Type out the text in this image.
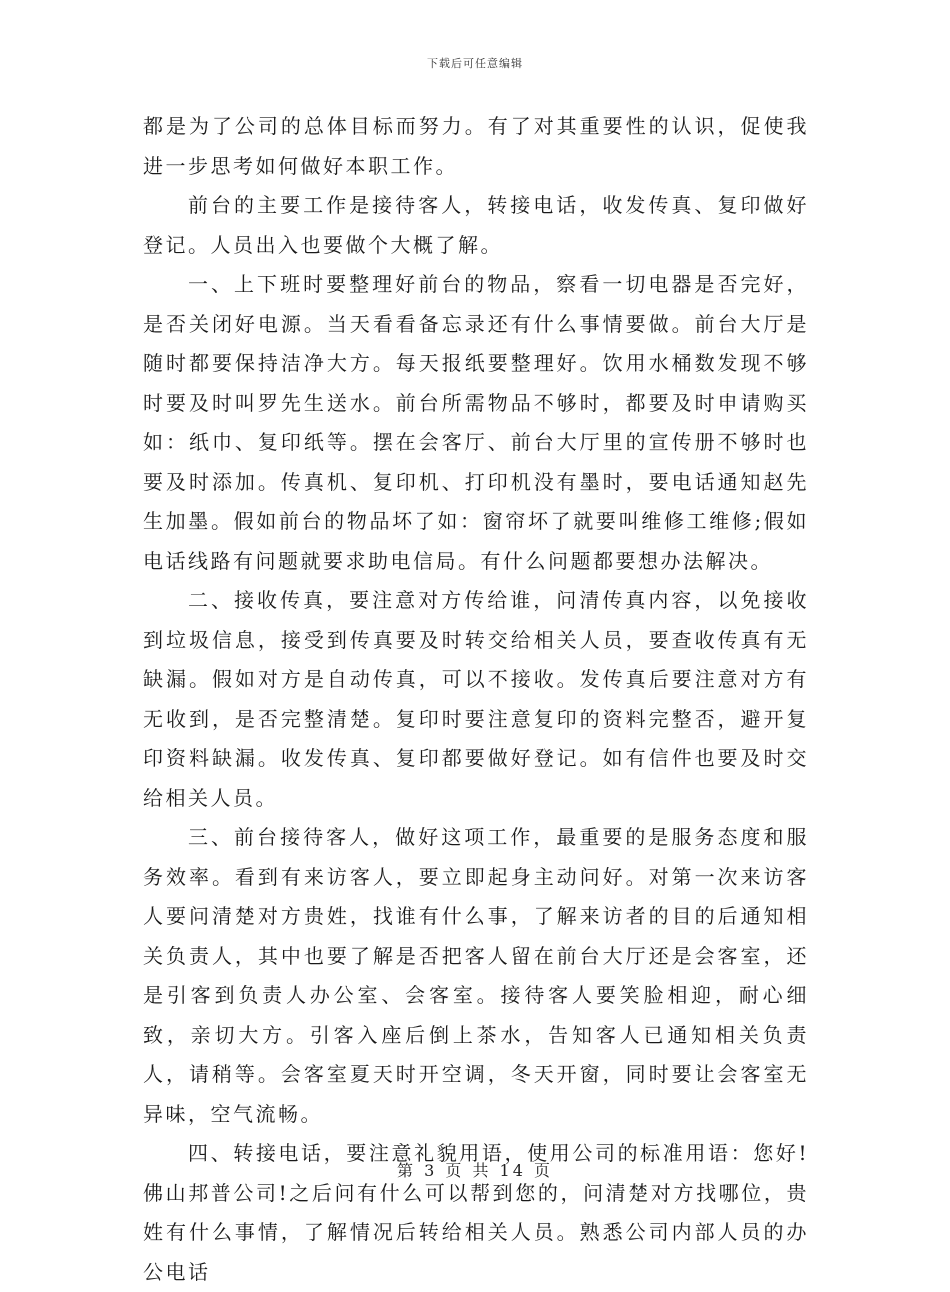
下载后可任意编辑

都是为了公司的总体目标而努力。有了对其重要性的认识，促使我进一步思考如何做好本职工作。

前台的主要工作是接待客人，转接电话，收发传真、复印做好登记。人员出入也要做个大概了解。

一、上下班时要整理好前台的物品，察看一切电器是否完好，是否关闭好电源。当天看看备忘录还有什么事情要做。前台大厅是随时都要保持洁净大方。每天报纸要整理好。饮用水桶数发现不够时要及时叫罗先生送水。前台所需物品不够时，都要及时申请购买如：纸巾、复印纸等。摆在会客厅、前台大厅里的宣传册不够时也要及时添加。传真机、复印机、打印机没有墨时，要电话通知赵先生加墨。假如前台的物品坏了如：窗帘坏了就要叫维修工维修;假如电话线路有问题就要求助电信局。有什么问题都要想办法解决。

二、接收传真，要注意对方传给谁，问清传真内容，以免接收到垃圾信息，接受到传真要及时转交给相关人员，要查收传真有无缺漏。假如对方是自动传真，可以不接收。发传真后要注意对方有无收到，是否完整清楚。复印时要注意复印的资料完整否，避开复印资料缺漏。收发传真、复印都要做好登记。如有信件也要及时交给相关人员。

三、前台接待客人，做好这项工作，最重要的是服务态度和服务效率。看到有来访客人，要立即起身主动问好。对第一次来访客人要问清楚对方贵姓，找谁有什么事，了解来访者的目的后通知相关负责人，其中也要了解是否把客人留在前台大厅还是会客室，还是引客到负责人办公室、会客室。接待客人要笑脸相迎，耐心细致，亲切大方。引客入座后倒上茶水，告知客人已通知相关负责人，请稍等。会客室夏天时开空调，冬天开窗，同时要让会客室无异味，空气流畅。

四、转接电话，要注意礼貌用语，使用公司的标准用语：您好!佛山邦普公司!之后问有什么可以帮到您的，问清楚对方找哪位，贵姓有什么事情，了解情况后转给相关人员。熟悉公司内部人员的办公电话

第 3 页 共 14 页
